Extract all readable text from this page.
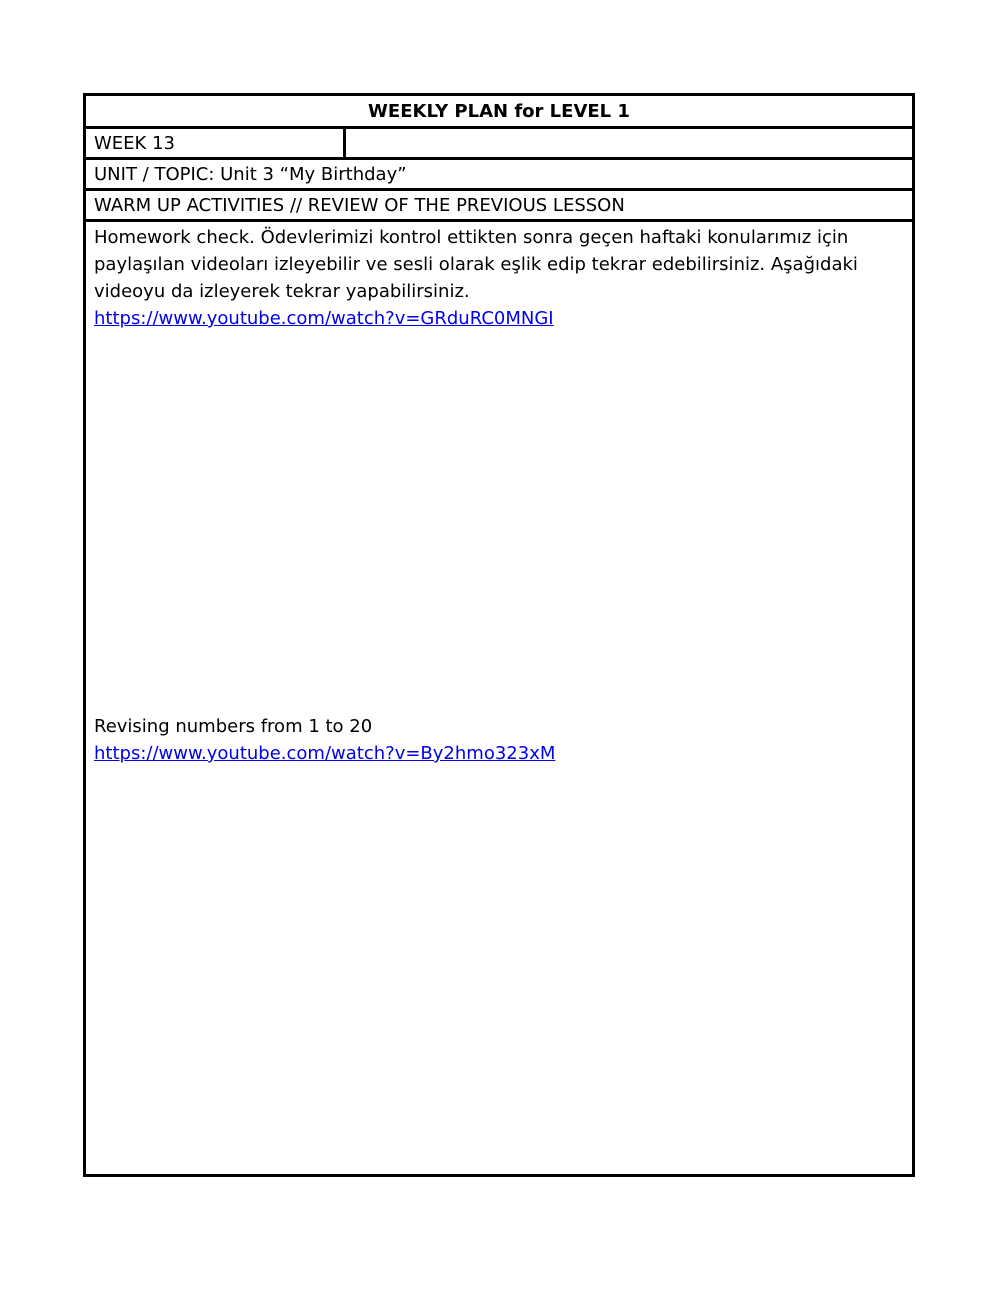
WEEKLY PLAN for LEVEL 1
WEEK 13
UNIT / TOPIC: Unit 3 “My Birthday”
WARM UP ACTIVITIES // REVIEW OF THE PREVIOUS LESSON

Homework check. Ödevlerimizi kontrol ettikten sonra geçen haftaki konularımız için paylaşılan videoları izleyebilir ve sesli olarak eşlik edip tekrar edebilirsiniz. Aşağıdaki videoyu da izleyerek tekrar yapabilirsiniz.

https://www.youtube.com/watch?v=GRduRC0MNGI

Revising numbers from 1 to 20

https://www.youtube.com/watch?v=By2hmo323xM
